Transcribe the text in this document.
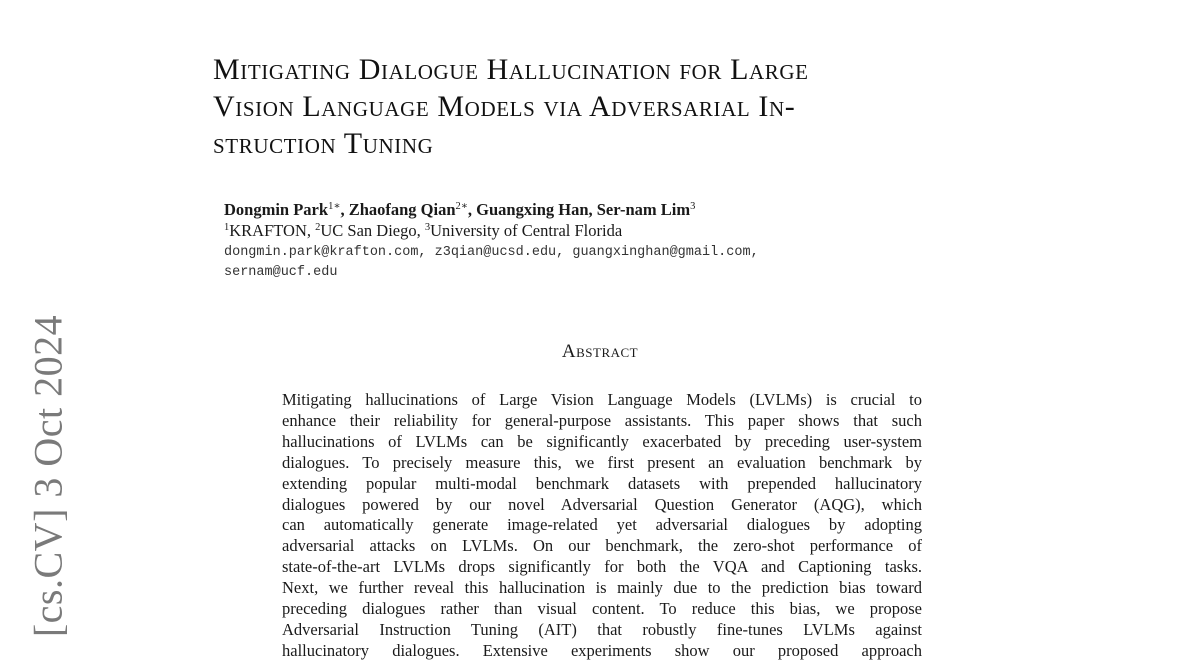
[cs.CV] 3 Oct 2024
Mitigating Dialogue Hallucination for Large
Vision Language Models via Adversarial In-
struction Tuning
Dongmin Park$^{1∗}$, Zhaofang Qian$^{2∗}$, Guangxing Han, Ser-nam Lim$^3$
$^1$KRAFTON, $^2$UC San Diego, $^3$University of Central Florida
dongmin.park@krafton.com, z3qian@ucsd.edu, guangxinghan@gmail.com,
sernam@ucf.edu
Abstract
Mitigating hallucinations of Large Vision Language Models (LVLMs) is crucial to
enhance their reliability for general-purpose assistants. This paper shows that such
hallucinations of LVLMs can be significantly exacerbated by preceding user-system
dialogues. To precisely measure this, we first present an evaluation benchmark by
extending popular multi-modal benchmark datasets with prepended hallucinatory
dialogues powered by our novel Adversarial Question Generator (AQG), which
can automatically generate image-related yet adversarial dialogues by adopting
adversarial attacks on LVLMs. On our benchmark, the zero-shot performance of
state-of-the-art LVLMs drops significantly for both the VQA and Captioning tasks.
Next, we further reveal this hallucination is mainly due to the prediction bias toward
preceding dialogues rather than visual content. To reduce this bias, we propose
Adversarial Instruction Tuning (AIT) that robustly fine-tunes LVLMs against
hallucinatory dialogues. Extensive experiments show our proposed approach
